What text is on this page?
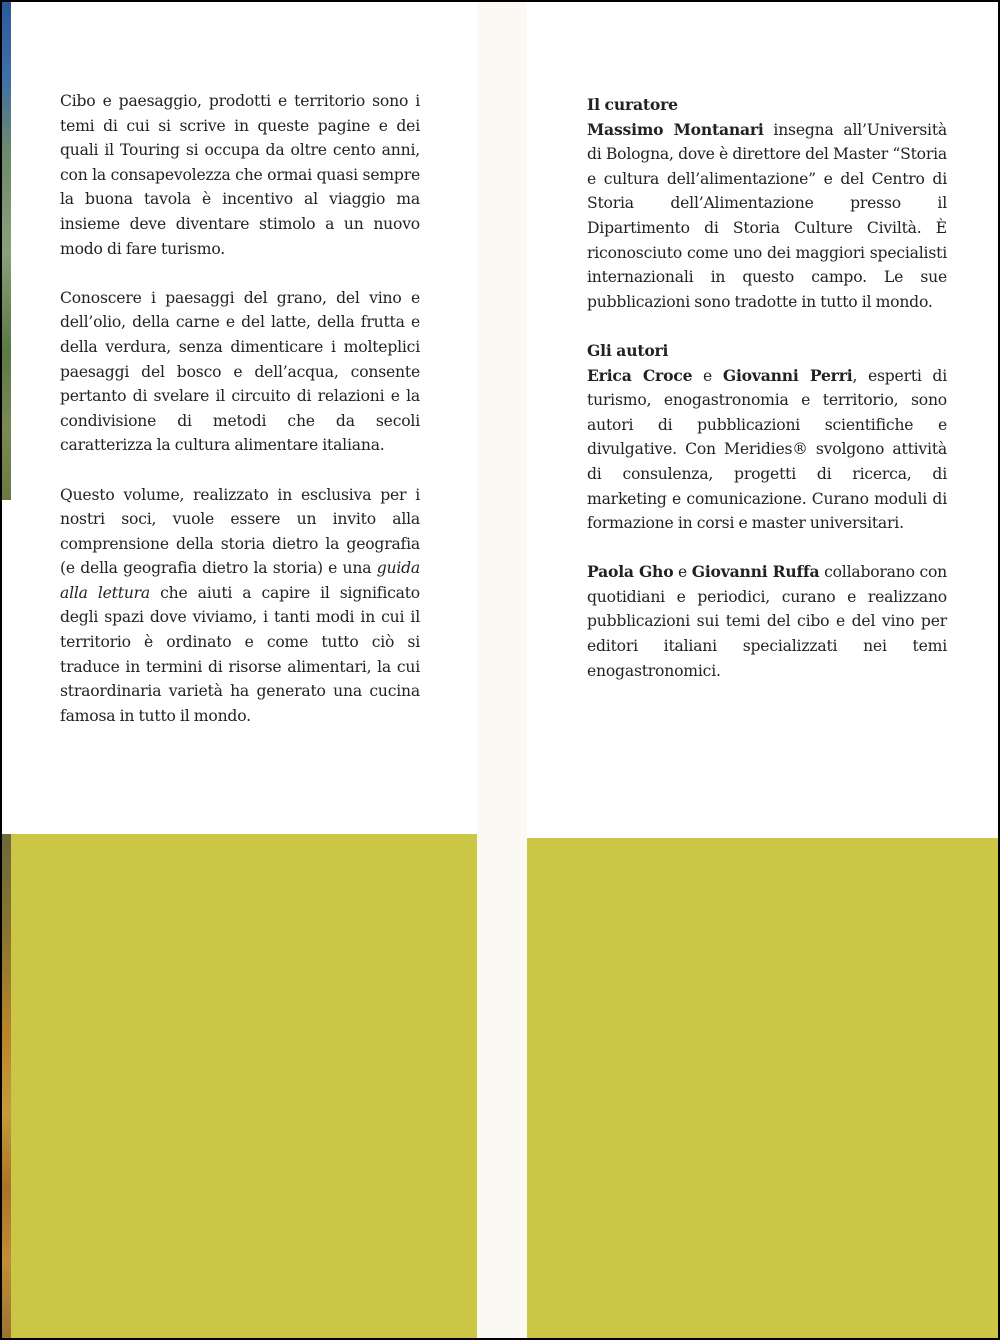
Cibo e paesaggio, prodotti e territorio sono i temi di cui si scrive in queste pagine e dei quali il Touring si occupa da oltre cento anni, con la consapevolezza che ormai quasi sempre la buona tavola è incentivo al viaggio ma insieme deve diventare stimolo a un nuovo modo di fare turismo.

Conoscere i paesaggi del grano, del vino e dell’olio, della carne e del latte, della frutta e della verdura, senza dimenticare i molteplici paesaggi del bosco e dell’acqua, consente pertanto di svelare il circuito di relazioni e la condivisione di metodi che da secoli caratterizza la cultura alimentare italiana.

Questo volume, realizzato in esclusiva per i nostri soci, vuole essere un invito alla comprensione della storia dietro la geografia (e della geografia dietro la storia) e una guida alla lettura che aiuti a capire il significato degli spazi dove viviamo, i tanti modi in cui il territorio è ordinato e come tutto ciò si traduce in termini di risorse alimentari, la cui straordinaria varietà ha generato una cucina famosa in tutto il mondo.

Il curatore

Massimo Montanari insegna all’Università di Bologna, dove è direttore del Master “Storia e cultura dell’alimentazione” e del Centro di Storia dell’Alimentazione presso il Dipartimento di Storia Culture Civiltà. È riconosciuto come uno dei maggiori specialisti internazionali in questo campo. Le sue pubblicazioni sono tradotte in tutto il mondo.

Gli autori

Erica Croce e Giovanni Perri, esperti di turismo, enogastronomia e territorio, sono autori di pubblicazioni scientifiche e divulgative. Con Meridies® svolgono attività di consulenza, progetti di ricerca, di marketing e comunicazione. Curano moduli di formazione in corsi e master universitari.

Paola Gho e Giovanni Ruffa collaborano con quotidiani e periodici, curano e realizzano pubblicazioni sui temi del cibo e del vino per editori italiani specializzati nei temi enogastronomici.
